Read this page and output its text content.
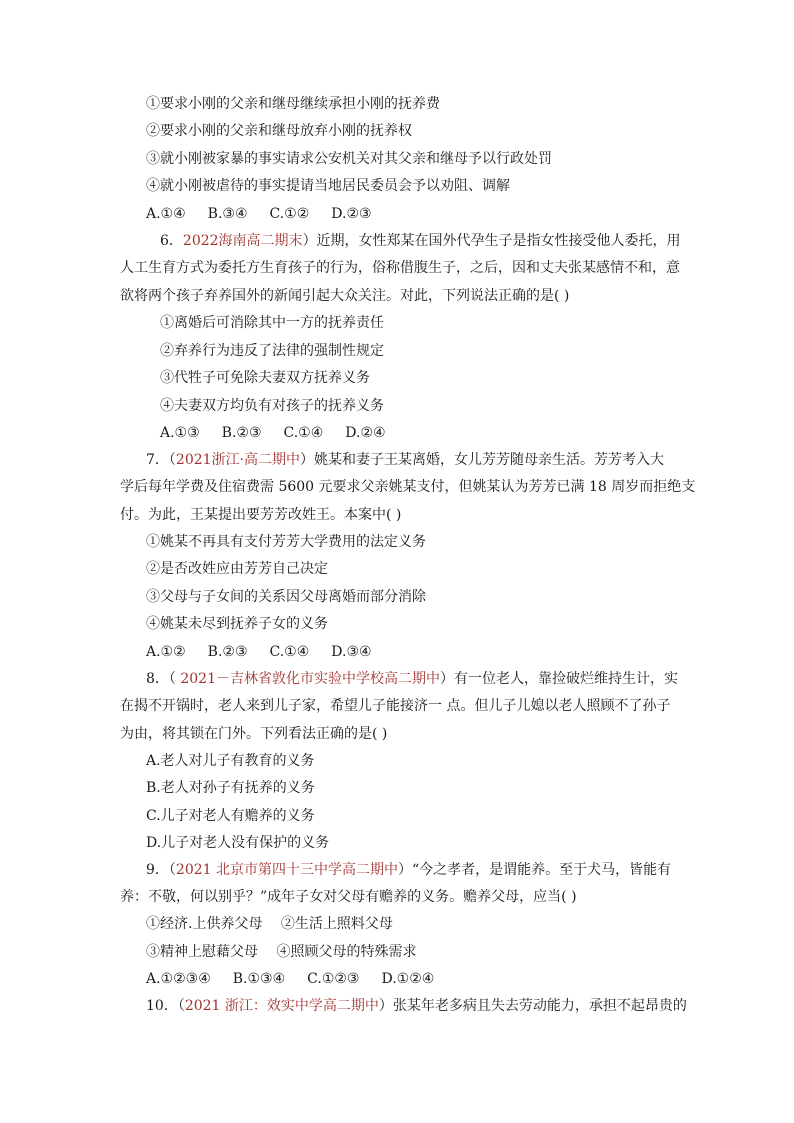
①要求小刚的父亲和继母继续承担小刚的抚养费
②要求小刚的父亲和继母放弃小刚的抚养权
③就小刚被家暴的事实请求公安机关对其父亲和继母予以行政处罚
④就小刚被虐待的事实提请当地居民委员会予以劝阻、调解
A.①④ B.③④ C.①② D.②③
6．2022海南高二期末）近期，女性郑某在国外代孕生子是指女性接受他人委托，用
人工生育方式为委托方生育孩子的行为，俗称借腹生子，之后，因和丈夫张某感情不和，意
欲将两个孩子弃养国外的新闻引起大众关注。对此，下列说法正确的是( )
①离婚后可消除其中一方的抚养责任
②弃养行为违反了法律的强制性规定
③代牲子可免除夫妻双方抚养义务
④夫妻双方均负有对孩子的抚养义务
A.①③ B.②③ C.①④ D.②④
7．（2021浙江·高二期中）姚某和妻子王某离婚，女儿芳芳随母亲生活。芳芳考入大
学后每年学费及住宿费需 5600 元要求父亲姚某支付，但姚某认为芳芳已满 18 周岁而拒绝支
付。为此，王某提出要芳芳改姓王。本案中( )
①姚某不再具有支付芳芳大学费用的法定义务
②是否改姓应由芳芳自己决定
③父母与子女间的关系因父母离婚而部分消除
④姚某未尽到抚养子女的义务
A.①② B.②③ C.①④ D.③④
8．（ 2021－吉林省敦化市实验中学校高二期中）有一位老人，靠捡破烂维持生计，实
在揭不开锅时，老人来到儿子家，希望儿子能接济一 点。但儿子儿媳以老人照顾不了孙子
为由，将其锁在门外。下列看法正确的是( )
A.老人对儿子有教育的义务
B.老人对孙子有抚养的义务
C.儿子对老人有赡养的义务
D.儿子对老人没有保护的义务
9．（2021 北京市第四十三中学高二期中）“今之孝者，是谓能养。至于犬马，皆能有
养：不敬，何以别乎？”成年子女对父母有赡养的义务。赡养父母，应当( )
①经济.上供养父母　 ②生活上照料父母
③精神上慰藉父母　 ④照顾父母的特殊需求
A.①②③④ B.①③④ C.①②③ D.①②④
10．（2021 浙江：效实中学高二期中）张某年老多病且失去劳动能力，承担不起昂贵的
